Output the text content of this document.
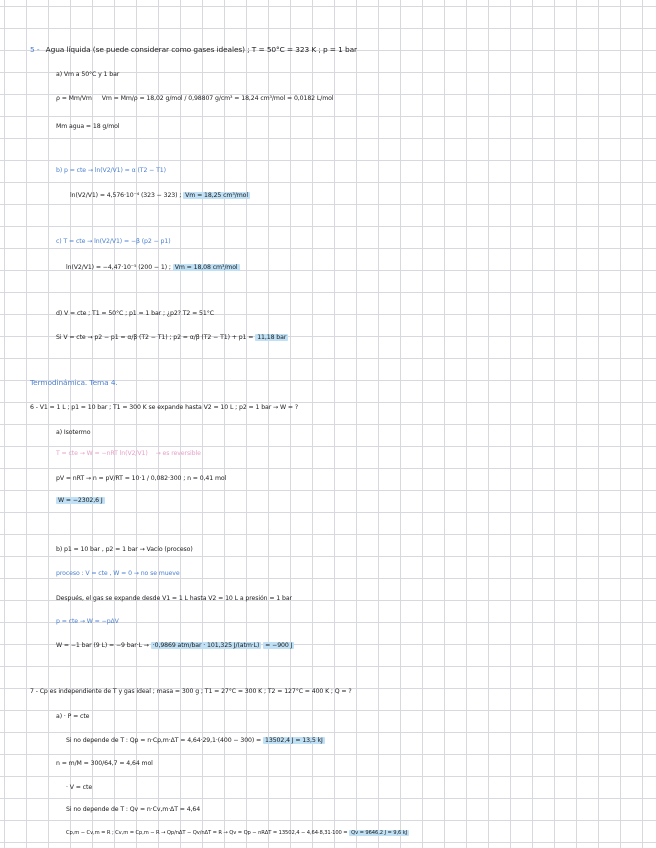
5 - Agua líquida (se puede considerar como gases ideales) ; T = 50°C = 323 K ; p = 1 bar
a) Vm a 50°C y 1 bar
ρ = Mm/Vm Vm = Mm/ρ = 18,02 g/mol / 0,98807 g/cm³ = 18,24 cm³/mol = 0,0182 L/mol
Mm agua = 18 g/mol
b) p = cte → ln(V2/V1) = α (T2 − T1)
ln(V2/V1) = 4,576·10⁻⁴ (323 − 323) ; Vm = 18,25 cm³/mol
c) T = cte → ln(V2/V1) = −β (p2 − p1)
ln(V2/V1) = −4,47·10⁻⁵ (200 − 1) ; Vm = 18,08 cm³/mol
d) V = cte ; T1 = 50°C ; p1 = 1 bar ; ¿p2? T2 = 51°C
Si V = cte → p2 − p1 = α/β (T2 − T1) ; p2 = α/β (T2 − T1) + p1 = 11,18 bar
Termodinámica. Tema 4.
6 - V1 = 1 L ; p1 = 10 bar ; T1 = 300 K se expande hasta V2 = 10 L ; p2 = 1 bar → W = ?
a) Isotermo
T = cte → W = −nRT ln(V2/V1) → es reversible
pV = nRT → n = pV/RT = 10·1 / 0,082·300 ; n = 0,41 mol
W = −2302,6 J
b) p1 = 10 bar , p2 = 1 bar → Vacío (proceso)
proceso : V = cte , W = 0 → no se mueve
Después, el gas se expande desde V1 = 1 L hasta V2 = 10 L a presión = 1 bar
p = cte → W = −pΔV
W = −1 bar (9 L) = −9 bar·L → ·0,9869 atm/bar · 101,325 J/(atm·L) = −900 J
7 - Cp es independiente de T y gas ideal ; masa = 300 g ; T1 = 27°C = 300 K ; T2 = 127°C = 400 K ; Q = ?
a) · P = cte
Si no depende de T : Qp = n·Cp,m·ΔT = 4,64·29,1·(400 − 300) = 13502,4 J = 13,5 kJ
n = m/M = 300/64,7 = 4,64 mol
· V = cte
Si no depende de T : Qv = n·Cv,m·ΔT = 4,64
Cp,m − Cv,m = R ; Cv,m = Cp,m − R → Qp/nΔT − Qv/nΔT = R → Qv = Qp − nRΔT = 13502,4 − 4,64·8,31·100 = Qv = 9646,2 J = 9,6 kJ
